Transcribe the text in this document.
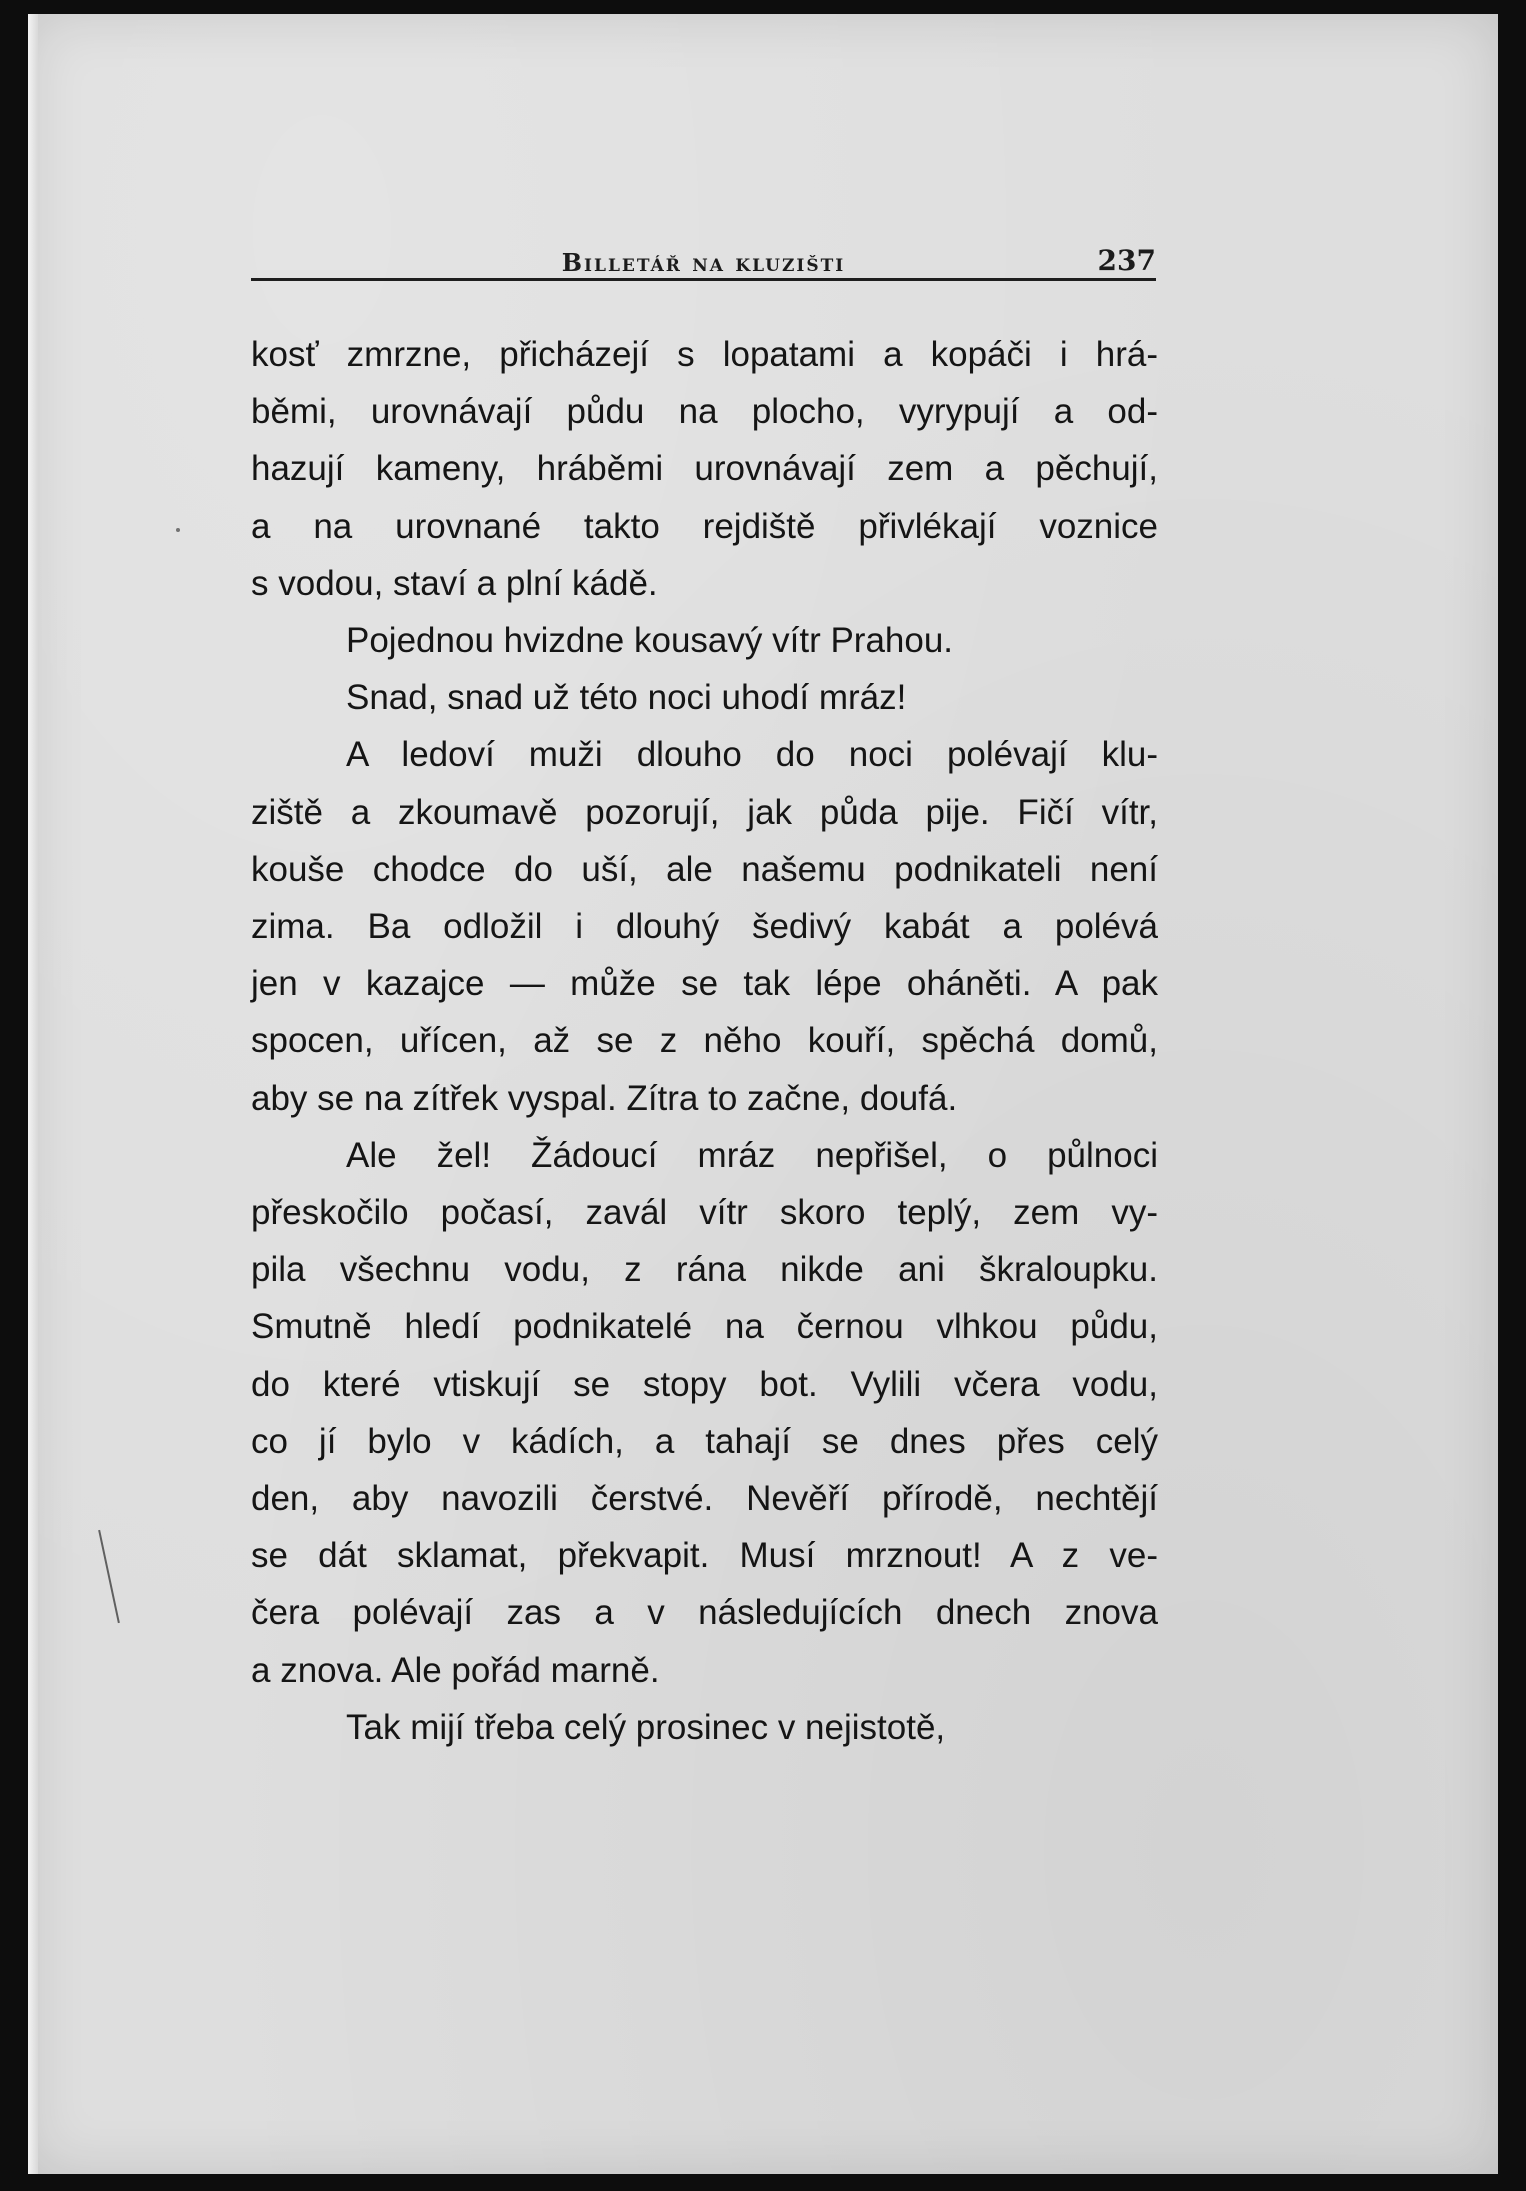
Billetář na kluzišti	237
kosť zmrzne, přicházejí s lopatami a kopáči i hrá-
běmi, urovnávají půdu na plocho, vyrypují a od-
hazují kameny, hráběmi urovnávají zem a pěchují,
a na urovnané takto rejdiště přivlékají voznice
s vodou, staví a plní kádě.
Pojednou hvizdne kousavý vítr Prahou.
Snad, snad už této noci uhodí mráz!
A ledoví muži dlouho do noci polévají klu-
ziště a zkoumavě pozorují, jak půda pije. Fičí vítr,
kouše chodce do uší, ale našemu podnikateli není
zima. Ba odložil i dlouhý šedivý kabát a polévá
jen v kazajce — může se tak lépe oháněti. A pak
spocen, uřícen, až se z něho kouří, spěchá domů,
aby se na zítřek vyspal. Zítra to začne, doufá.
Ale žel! Žádoucí mráz nepřišel, o půlnoci
přeskočilo počasí, zavál vítr skoro teplý, zem vy-
pila všechnu vodu, z rána nikde ani škraloupku.
Smutně hledí podnikatelé na černou vlhkou půdu,
do které vtiskují se stopy bot. Vylili včera vodu,
co jí bylo v kádích, a tahají se dnes přes celý
den, aby navozili čerstvé. Nevěří přírodě, nechtějí
se dát sklamat, překvapit. Musí mrznout! A z ve-
čera polévají zas a v následujících dnech znova
a znova. Ale pořád marně.
Tak mijí třeba celý prosinec v nejistotě,
